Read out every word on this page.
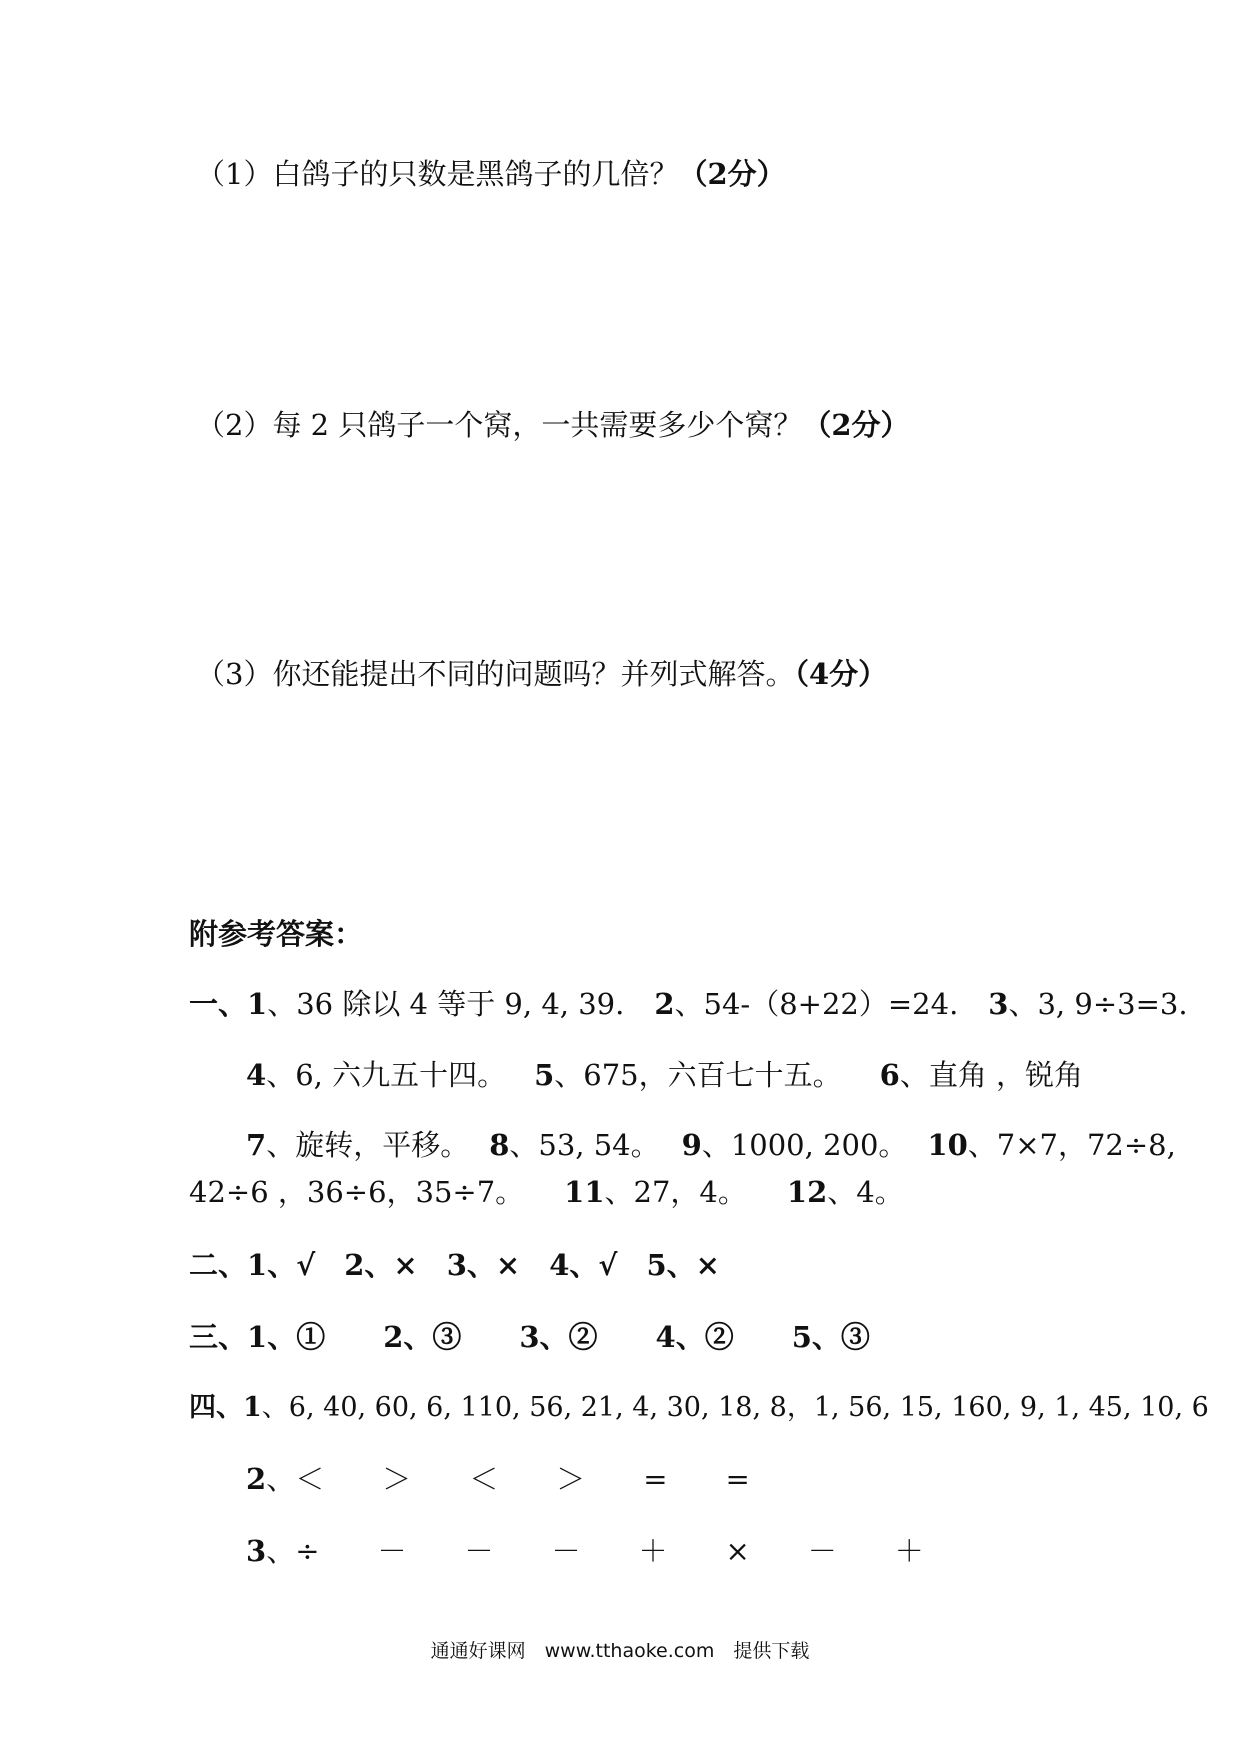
（1）白鸽子的只数是黑鸽子的几倍？（2分）
（2）每 2 只鸽子一个窝，一共需要多少个窝？（2分）
（3）你还能提出不同的问题吗？并列式解答。（4分）
附参考答案：
一、1、36 除以 4 等于 9, 4, 39. 2、54-（8+22）=24. 3、3, 9÷3=3.
4、6, 六九五十四。 5、675，六百七十五。 6、直角 ，锐角
7、旋转，平移。 8、53, 54。 9、1000, 200。 10、7×7，72÷8,
42÷6 ，36÷6，35÷7。 11、27，4。 12、4。
二、1、√　2、×　3、×　4、√　5、×
三、1、①　　2、③　　3、②　　4、②　　5、③
四、1、6, 40, 60, 6, 110, 56, 21, 4, 30, 18, 8，1, 56, 15, 160, 9, 1, 45, 10, 6
2、＜　　＞　　＜　　＞　　=　　=
3、÷　　－　　－　　－　　＋　　×　　－　　＋
通通好课网　www.tthaoke.com　提供下载
